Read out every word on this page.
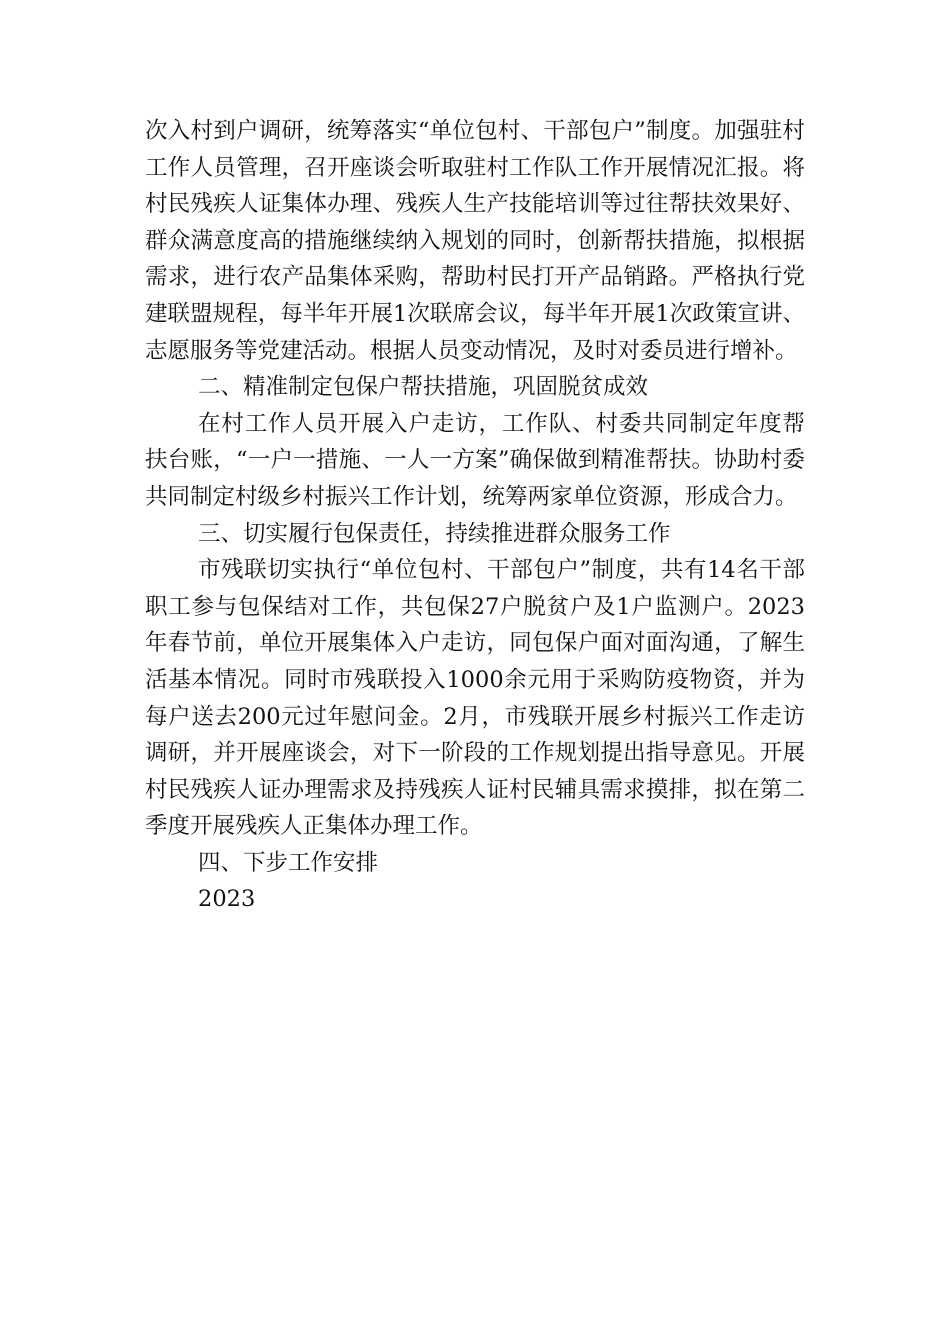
次入村到户调研，统筹落实“单位包村、干部包户”制度。加强驻村工作人员管理，召开座谈会听取驻村工作队工作开展情况汇报。将村民残疾人证集体办理、残疾人生产技能培训等过往帮扶效果好、群众满意度高的措施继续纳入规划的同时，创新帮扶措施，拟根据需求，进行农产品集体采购，帮助村民打开产品销路。严格执行党建联盟规程，每半年开展1次联席会议，每半年开展1次政策宣讲、志愿服务等党建活动。根据人员变动情况，及时对委员进行增补。

二、精准制定包保户帮扶措施，巩固脱贫成效

在村工作人员开展入户走访，工作队、村委共同制定年度帮扶台账，“一户一措施、一人一方案”确保做到精准帮扶。协助村委共同制定村级乡村振兴工作计划，统筹两家单位资源，形成合力。

三、切实履行包保责任，持续推进群众服务工作

市残联切实执行“单位包村、干部包户”制度，共有14名干部职工参与包保结对工作，共包保27户脱贫户及1户监测户。2023年春节前，单位开展集体入户走访，同包保户面对面沟通，了解生活基本情况。同时市残联投入1000余元用于采购防疫物资，并为每户送去200元过年慰问金。2月，市残联开展乡村振兴工作走访调研，并开展座谈会，对下一阶段的工作规划提出指导意见。开展村民残疾人证办理需求及持残疾人证村民辅具需求摸排，拟在第二季度开展残疾人正集体办理工作。

四、下步工作安排

2023
